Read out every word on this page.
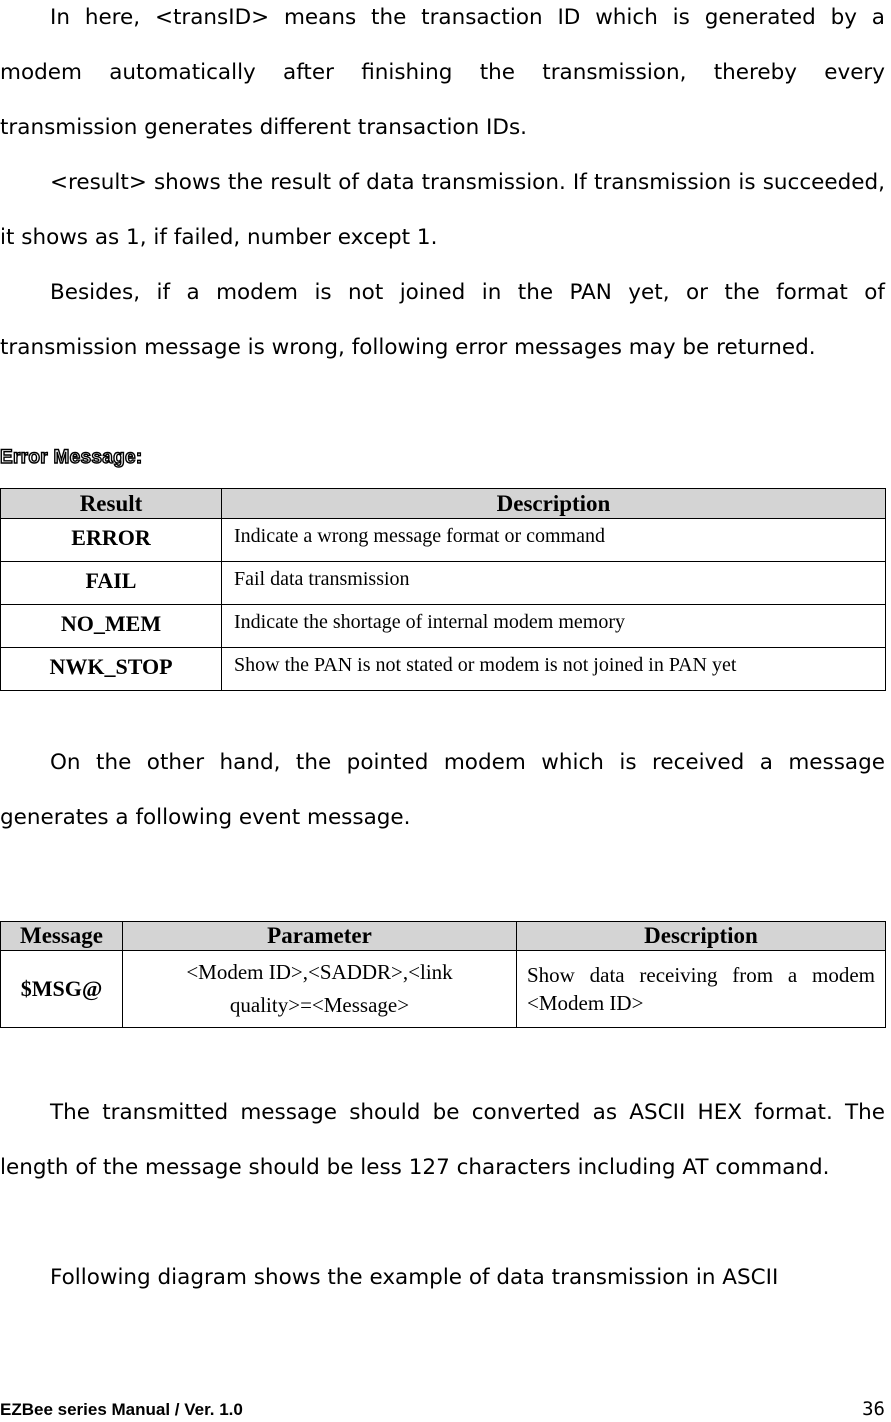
In here, <transID> means the transaction ID which is generated by a modem automatically after finishing the transmission, thereby every transmission generates different transaction IDs.

<result> shows the result of data transmission. If transmission is succeeded, it shows as 1, if failed, number except 1.

Besides, if a modem is not joined in the PAN yet, or the format of transmission message is wrong, following error messages may be returned.

Error Message:

Result	Description
ERROR	Indicate a wrong message format or command
FAIL	Fail data transmission
NO_MEM	Indicate the shortage of internal modem memory
NWK_STOP	Show the PAN is not stated or modem is not joined in PAN yet

On the other hand, the pointed modem which is received a message generates a following event message.

Message	Parameter	Description
$MSG@	<Modem ID>,<SADDR>,<link quality>=<Message>	Show data receiving from a modem <Modem ID>

The transmitted message should be converted as ASCII HEX format. The length of the message should be less 127 characters including AT command.

Following diagram shows the example of data transmission in ASCII

EZBee series Manual / Ver. 1.0	36
